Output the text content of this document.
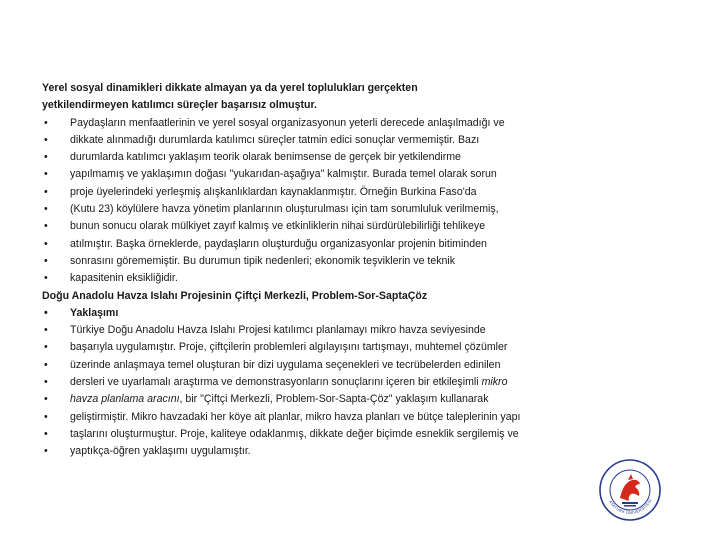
Yerel sosyal dinamikleri dikkate almayan ya da yerel toplulukları gerçekten
yetkilendirmeyen katılımcı süreçler başarısız olmuştur.
•	Paydaşların menfaatlerinin ve yerel sosyal organizasyonun yeterli derecede anlaşılmadığı ve
•	dikkate alınmadığı durumlarda katılımcı süreçler tatmin edici sonuçlar vermemiştir. Bazı
•	durumlarda katılımcı yaklaşım teorik olarak benimsense de gerçek bir yetkilendirme
•	yapılmamış ve yaklaşımın doğası "yukarıdan-aşağıya" kalmıştır. Burada temel olarak sorun
•	proje üyelerindeki yerleşmiş alışkanlıklardan kaynaklanmıştır. Örneğin Burkina Faso'da
•	(Kutu 23) köylülere havza yönetim planlarının oluşturulması için tam sorumluluk verilmemiş,
•	bunun sonucu olarak mülkiyet zayıf kalmış ve etkinliklerin nihai sürdürülebilirliği tehlikeye
•	atılmıştır. Başka örneklerde, paydaşların oluşturduğu organizasyonlar projenin bitiminden
•	sonrasını görememiştir. Bu durumun tipik nedenleri; ekonomik teşviklerin ve teknik
•	kapasitenin eksikliğidir.
Doğu Anadolu Havza Islahı Projesinin Çiftçi Merkezli, Problem-Sor-SaptaÇöz
•	Yaklaşımı
•	Türkiye Doğu Anadolu Havza Islahı Projesi katılımcı planlamayı mikro havza seviyesinde
•	başarıyla uygulamıştır. Proje, çiftçilerin problemleri algılayışını tartışmayı, muhtemel çözümler
•	üzerinde anlaşmaya temel oluşturan bir dizi uygulama seçenekleri ve tecrübelerden edinilen
•	dersleri ve uyarlamalı araştırma ve demonstrasyonların sonuçlarını içeren bir etkileşimli mikro
•	havza planlama aracını, bir "Çiftçi Merkezli, Problem-Sor-Sapta-Çöz" yaklaşım kullanarak
•	geliştirmiştir. Mikro havzadaki her köye ait planlar, mikro havza planları ve bütçe taleplerinin yapı
•	taşlarını oluşturmuştur. Proje, kaliteye odaklanmış, dikkate değer biçimde esneklik sergilemiş ve
•	yaptıkça-öğren yaklaşımı uygulamıştır.
ATATÜRK ÜNİVERSİTESİ
